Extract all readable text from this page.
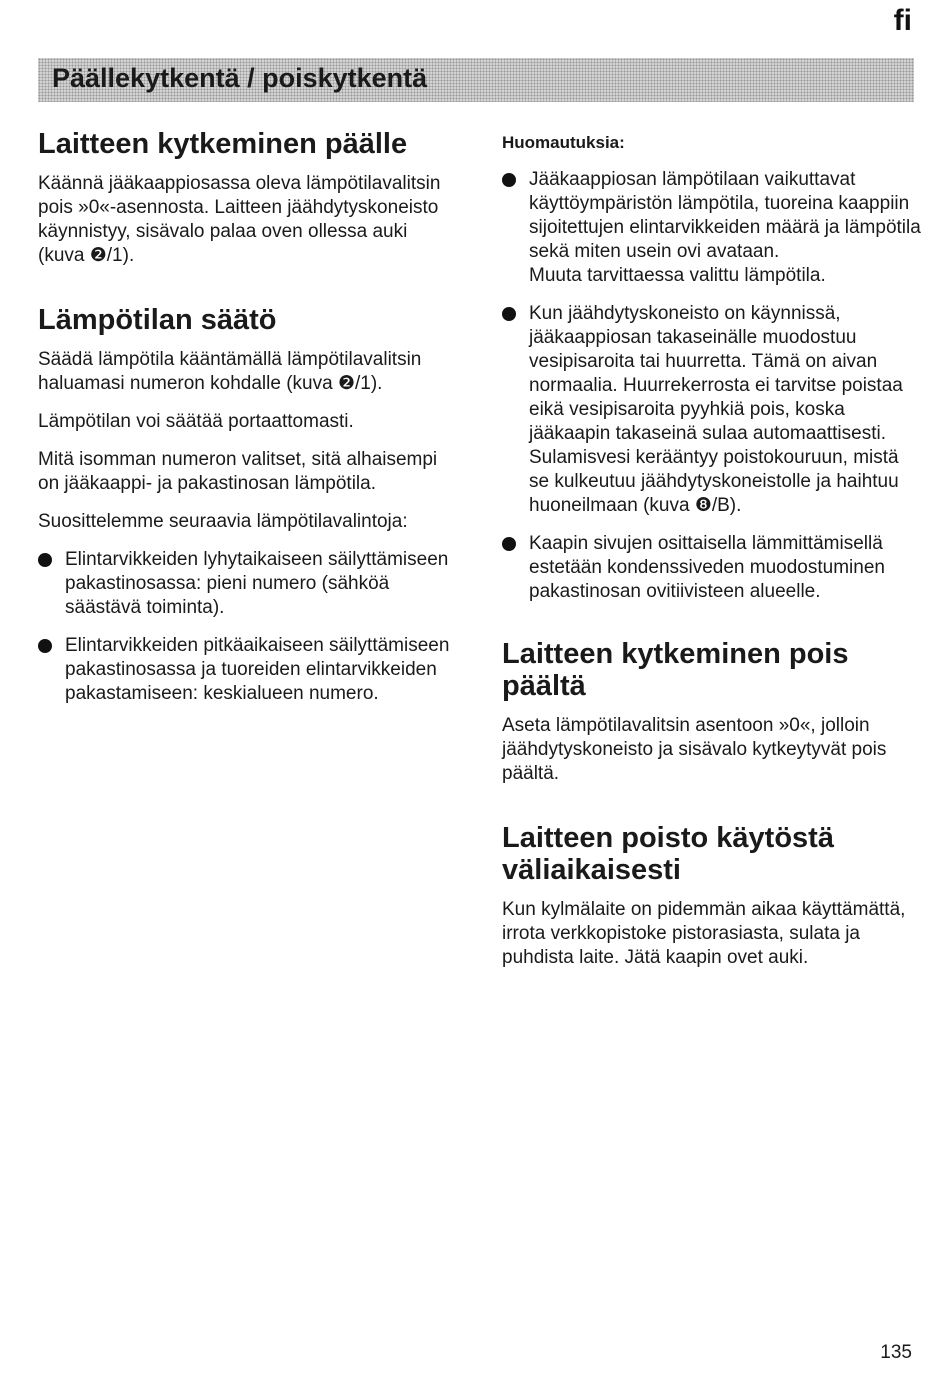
fi
Päällekytkentä / poiskytkentä
Laitteen kytkeminen päälle

Käännä jääkaappiosassa oleva lämpötilavalitsin pois »0«-asennosta. Laitteen jäähdytyskoneisto käynnistyy, sisävalo palaa oven ollessa auki (kuva ❷/1).

Lämpötilan säätö

Säädä lämpötila kääntämällä lämpötilavalitsin haluamasi numeron kohdalle (kuva ❷/1).

Lämpötilan voi säätää portaattomasti.

Mitä isomman numeron valitset, sitä alhaisempi on jääkaappi- ja pakastinosan lämpötila.

Suosittelemme seuraavia lämpötilavalintoja:

Elintarvikkeiden lyhytaikaiseen säilyttämiseen pakastinosassa: pieni numero (sähköä säästävä toiminta).
Elintarvikkeiden pitkäaikaiseen säilyttämiseen pakastinosassa ja tuoreiden elintarvikkeiden pakastamiseen: keskialueen numero.
Huomautuksia:
Jääkaappiosan lämpötilaan vaikuttavat käyttöympäristön lämpötila, tuoreina kaappiin sijoitettujen elintarvikkeiden määrä ja lämpötila sekä miten usein ovi avataan.
Muuta tarvittaessa valittu lämpötila.
Kun jäähdytyskoneisto on käynnissä, jääkaappiosan takaseinälle muodostuu vesipisaroita tai huurretta. Tämä on aivan normaalia. Huurrekerrosta ei tarvitse poistaa eikä vesipisaroita pyyhkiä pois, koska jääkaapin takaseinä sulaa automaattisesti. Sulamisvesi kerääntyy poistokouruun, mistä se kulkeutuu jäähdytyskoneistolle ja haihtuu huoneilmaan (kuva ❽/B).
Kaapin sivujen osittaisella lämmittämisellä estetään kondenssiveden muodostuminen pakastinosan ovitiivisteen alueelle.
Laitteen kytkeminen pois päältä

Aseta lämpötilavalitsin asentoon »0«, jolloin jäähdytyskoneisto ja sisävalo kytkeytyvät pois päältä.

Laitteen poisto käytöstä väliaikaisesti

Kun kylmälaite on pidemmän aikaa käyttämättä, irrota verkkopistoke pistorasiasta, sulata ja puhdista laite. Jätä kaapin ovet auki.

135
